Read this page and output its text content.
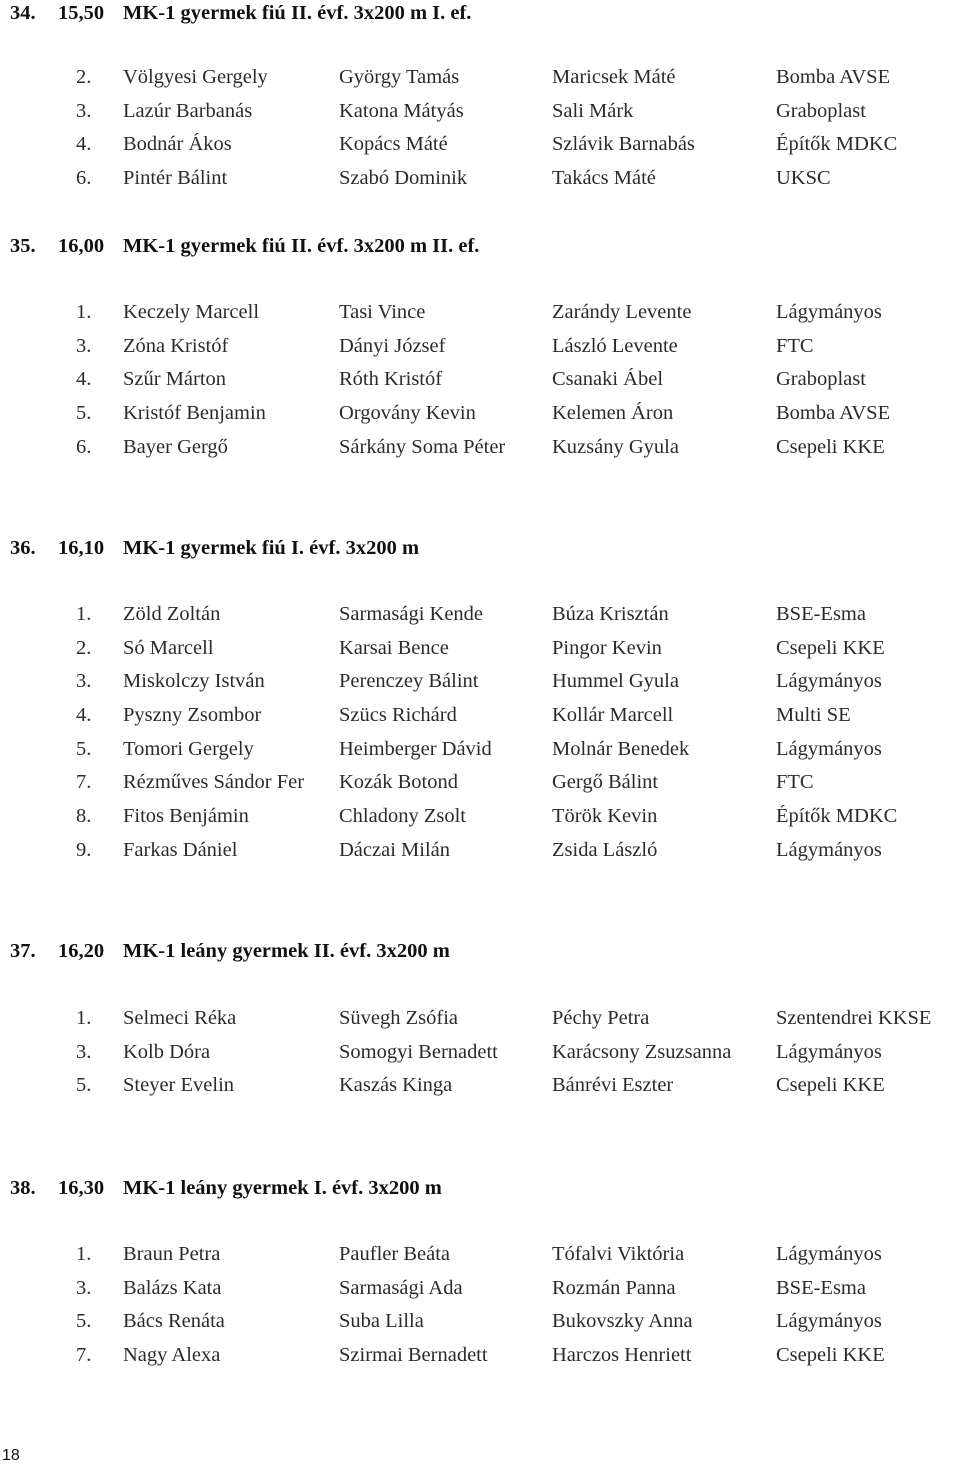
34. 15,50 MK-1 gyermek fiú II. évf. 3x200 m I. ef.
2.	Völgyesi Gergely	György Tamás	Maricsek Máté	Bomba AVSE
3.	Lazúr Barbanás	Katona Mátyás	Sali Márk	Graboplast
4.	Bodnár Ákos	Kopács Máté	Szlávik Barnabás	Építők MDKC
6.	Pintér Bálint	Szabó Dominik	Takács Máté	UKSC
35. 16,00 MK-1 gyermek fiú II. évf. 3x200 m II. ef.
1.	Keczely Marcell	Tasi Vince	Zarándy Levente	Lágymányos
3.	Zóna Kristóf	Dányi József	László Levente	FTC
4.	Szűr Márton	Róth Kristóf	Csanaki Ábel	Graboplast
5.	Kristóf Benjamin	Orgovány Kevin	Kelemen Áron	Bomba AVSE
6.	Bayer Gergő	Sárkány Soma Péter	Kuzsány Gyula	Csepeli KKE
36. 16,10 MK-1 gyermek fiú I. évf. 3x200 m
1.	Zöld Zoltán	Sarmasági Kende	Búza Krisztán	BSE-Esma
2.	Só Marcell	Karsai Bence	Pingor Kevin	Csepeli KKE
3.	Miskolczy István	Perenczey Bálint	Hummel Gyula	Lágymányos
4.	Pyszny Zsombor	Szücs Richárd	Kollár Marcell	Multi SE
5.	Tomori Gergely	Heimberger Dávid	Molnár Benedek	Lágymányos
7.	Rézműves Sándor Fer	Kozák Botond	Gergő Bálint	FTC
8.	Fitos Benjámin	Chladony Zsolt	Török Kevin	Építők MDKC
9.	Farkas Dániel	Dáczai Milán	Zsida László	Lágymányos
37. 16,20 MK-1 leány gyermek II. évf. 3x200 m
1.	Selmeci Réka	Süvegh Zsófia	Péchy Petra	Szentendrei KKSE
3.	Kolb Dóra	Somogyi Bernadett	Karácsony Zsuzsanna	Lágymányos
5.	Steyer Evelin	Kaszás Kinga	Bánrévi Eszter	Csepeli KKE
38. 16,30 MK-1 leány gyermek I. évf. 3x200 m
1.	Braun Petra	Paufler Beáta	Tófalvi Viktória	Lágymányos
3.	Balázs Kata	Sarmasági Ada	Rozmán Panna	BSE-Esma
5.	Bács Renáta	Suba Lilla	Bukovszky Anna	Lágymányos
7.	Nagy Alexa	Szirmai Bernadett	Harczos Henriett	Csepeli KKE
18
